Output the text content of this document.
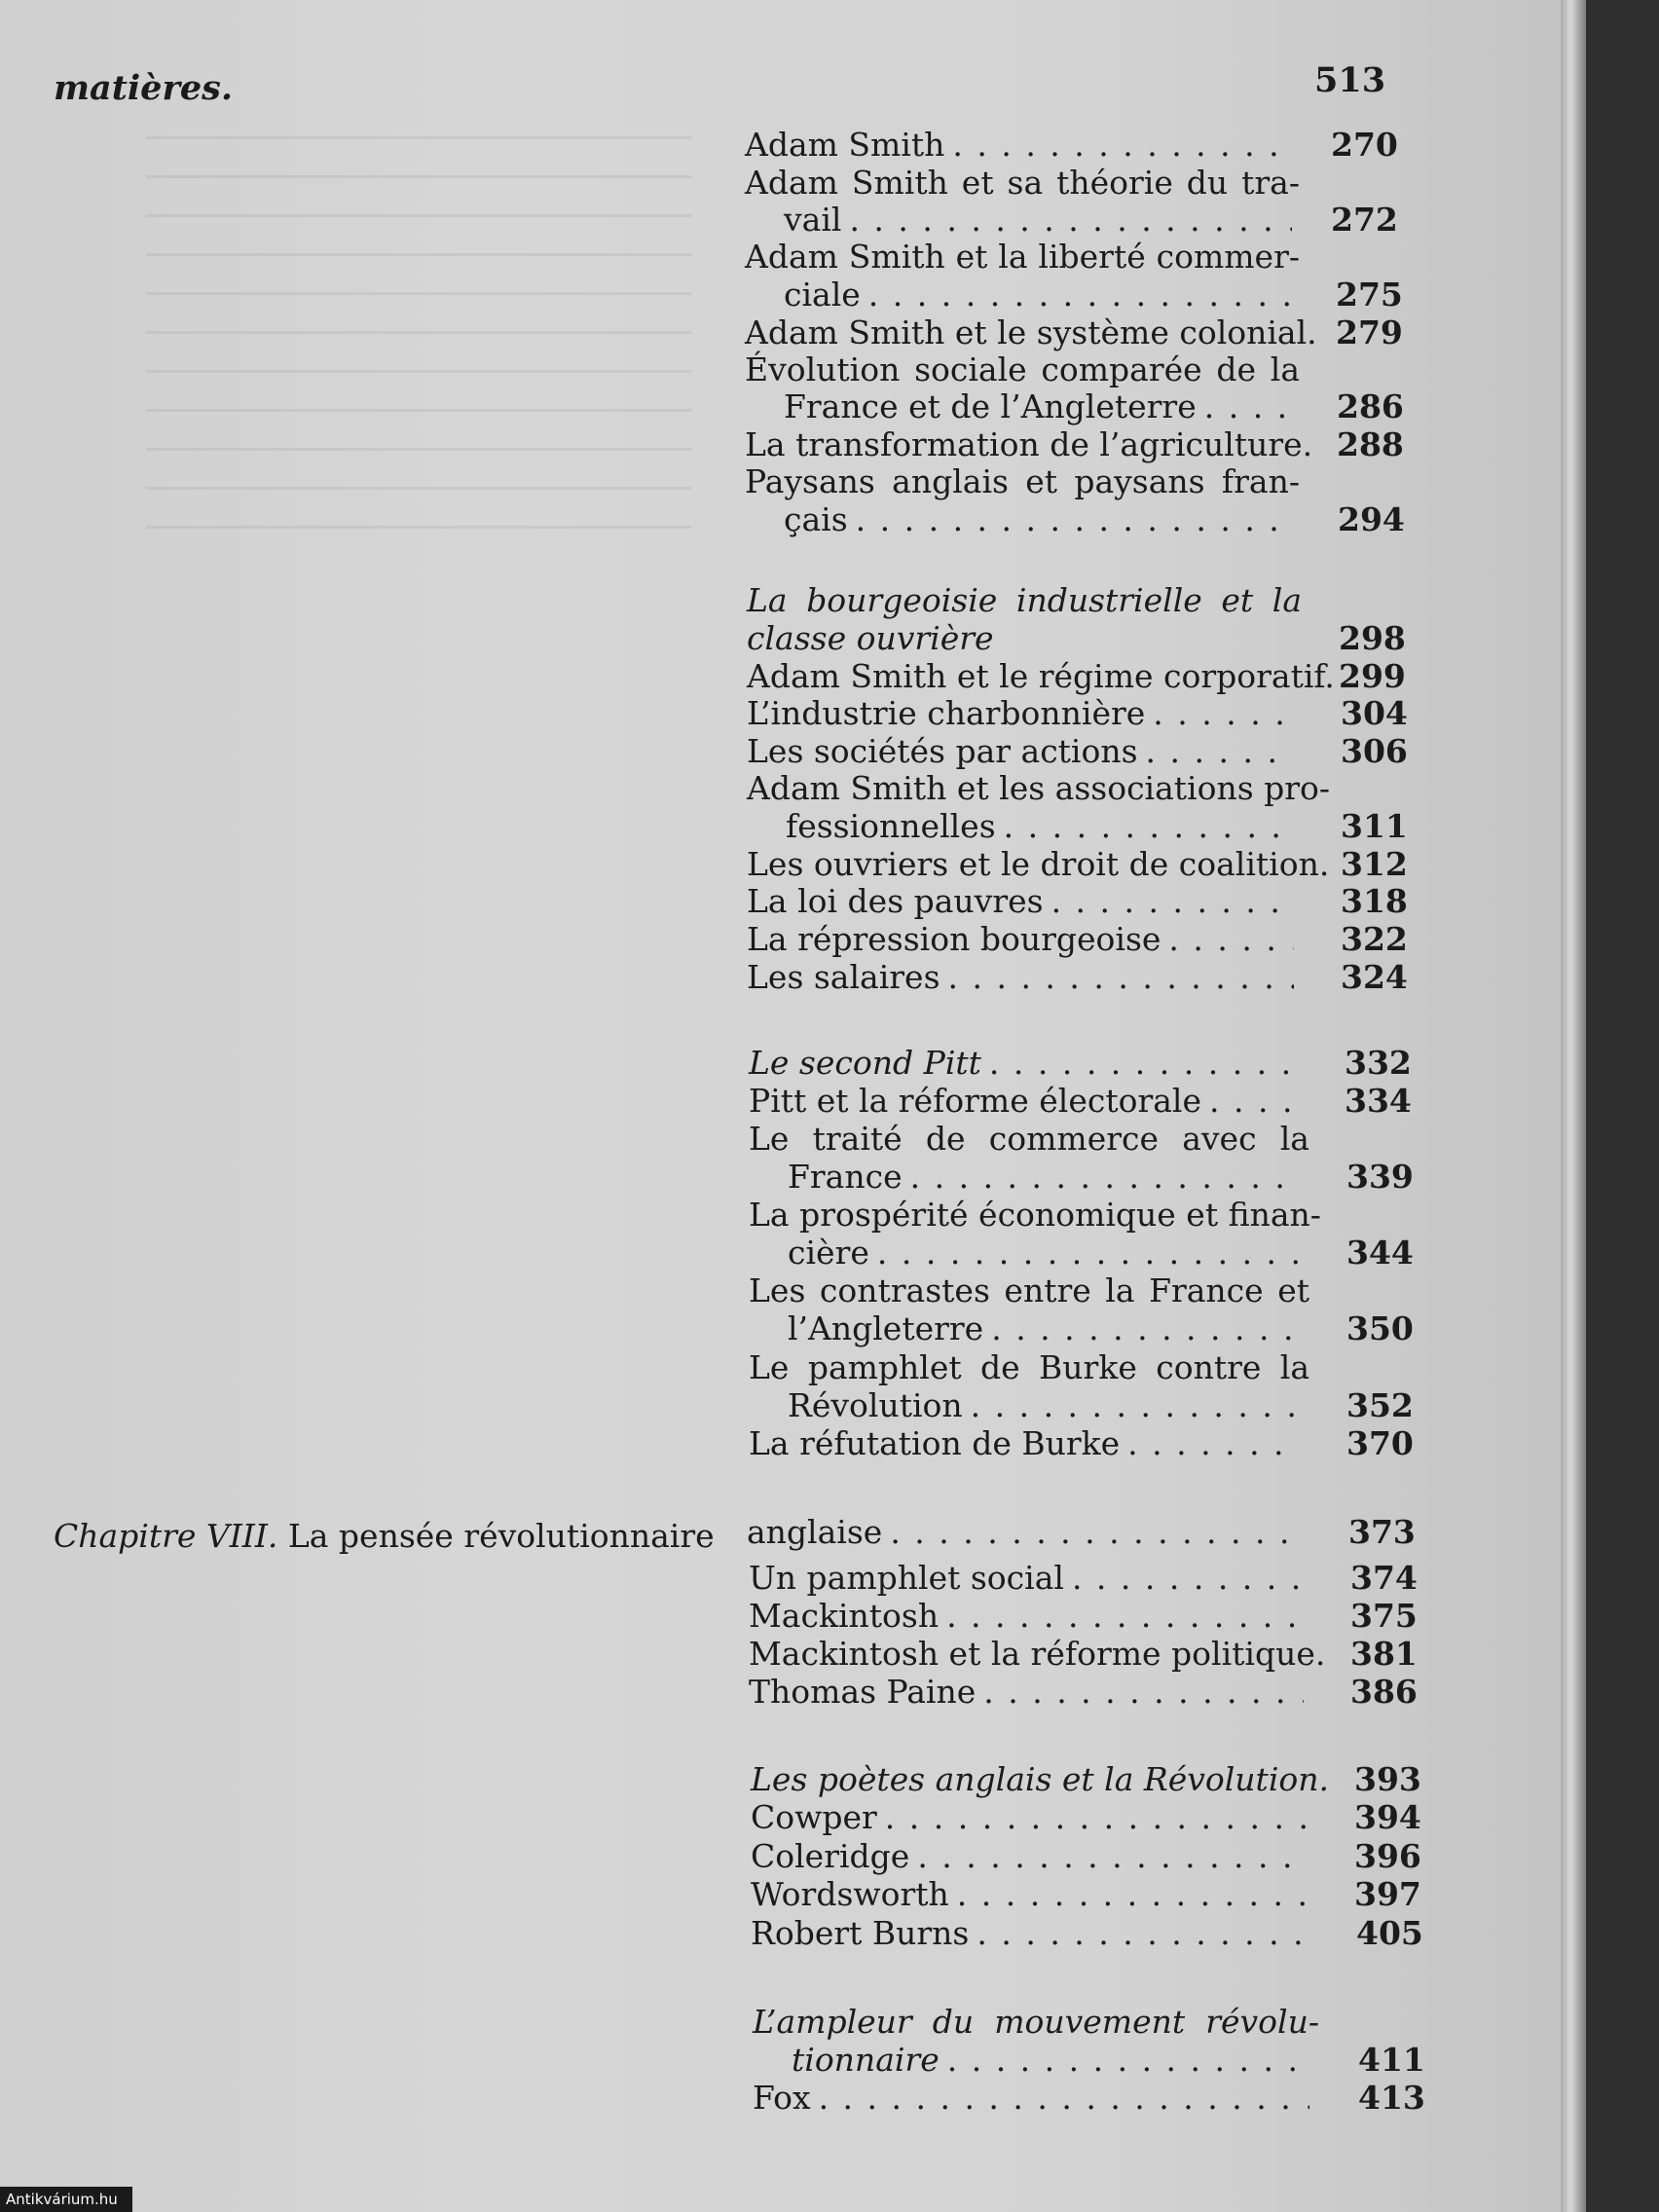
matières.	513
Adam Smith . . .	270
Adam Smith et sa théorie du tra-
vail . . .	272
Adam Smith et la liberté commer-
ciale . . .	275
Adam Smith et le système colonial. 279
Évolution sociale comparée de la
France et de l’Angleterre . . .	286
La transformation de l’agriculture. 288
Paysans anglais et paysans fran-
çais . . .	294
La bourgeoisie industrielle et la
classe ouvrière	298
Adam Smith et le régime corporatif. 299
L’industrie charbonnière . . .	304
Les sociétés par actions . . .	306
Adam Smith et les associations pro-
fessionnelles . . .	311
Les ouvriers et le droit de coalition. 312
La loi des pauvres . . .	318
La répression bourgeoise . . .	322
Les salaires . . .	324
Le second Pitt . . .	332
Pitt et la réforme électorale . . .	334
Le traité de commerce avec la
France . . .	339
La prospérité économique et finan-
cière . . .	344
Les contrastes entre la France et
l’Angleterre . . .	350
Le pamphlet de Burke contre la
Révolution . . .	352
La réfutation de Burke . . .	370
Chapitre VIII. La pensée révolutionnaire anglaise . . .	373
Un pamphlet social . . .	374
Mackintosh . . .	375
Mackintosh et la réforme politique. 381
Thomas Paine . . .	386
Les poètes anglais et la Révolution. 393
Cowper . . .	394
Coleridge . . .	396
Wordsworth . . .	397
Robert Burns . . .	405
L’ampleur du mouvement révolu-
tionnaire . . .	411
Fox . . .	413
Antikvárium.hu
